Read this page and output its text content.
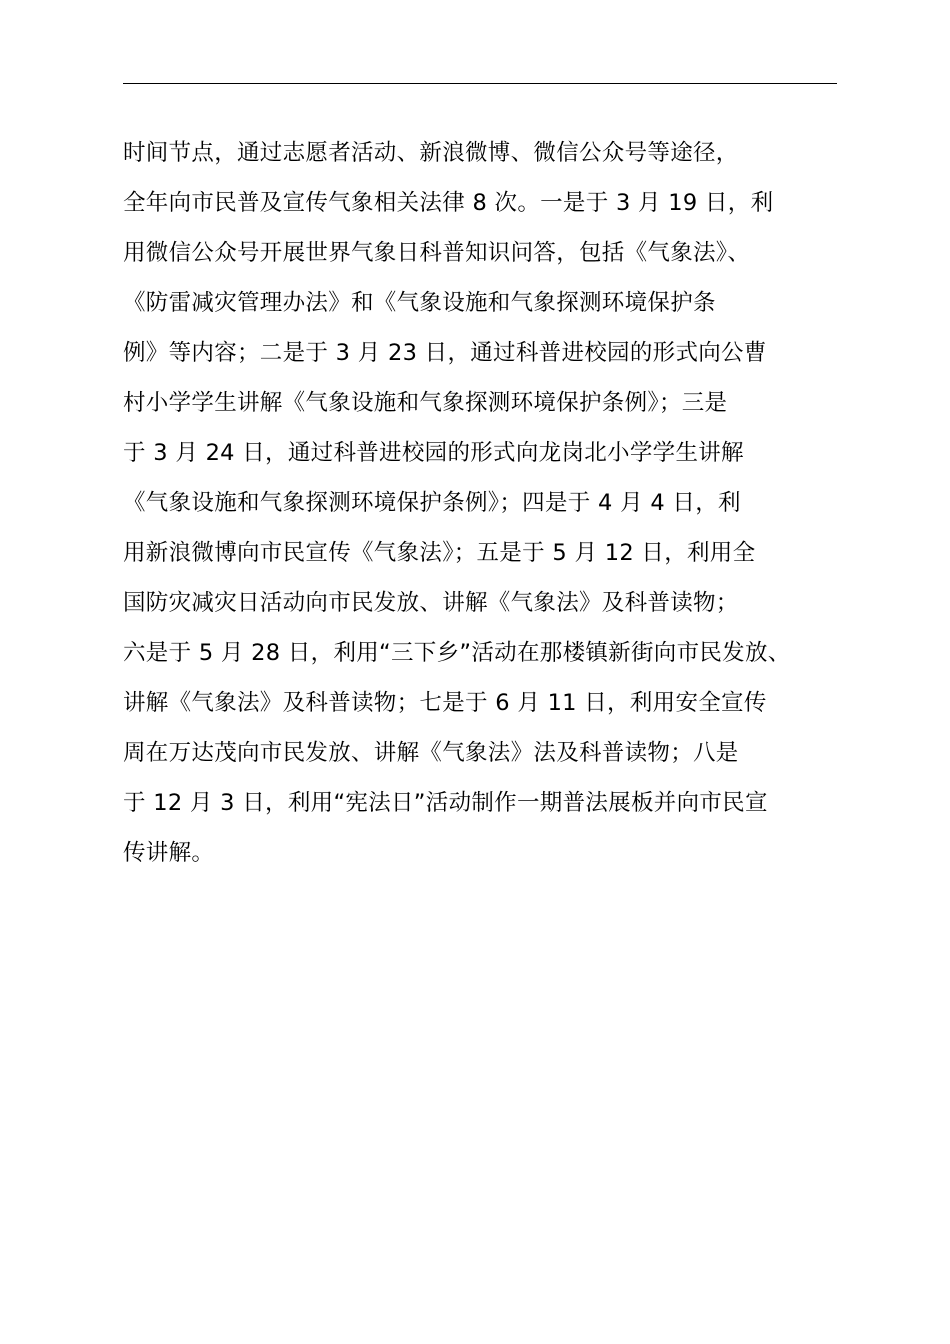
时间节点，通过志愿者活动、新浪微博、微信公众号等途径，
全年向市民普及宣传气象相关法律 8 次。一是于 3 月 19 日，利
用微信公众号开展世界气象日科普知识问答，包括《气象法》、
《防雷减灾管理办法》和《气象设施和气象探测环境保护条
例》等内容；二是于 3 月 23 日，通过科普进校园的形式向公曹
村小学学生讲解《气象设施和气象探测环境保护条例》；三是
于 3 月 24 日，通过科普进校园的形式向龙岗北小学学生讲解
《气象设施和气象探测环境保护条例》；四是于 4 月 4 日，利
用新浪微博向市民宣传《气象法》；五是于 5 月 12 日，利用全
国防灾减灾日活动向市民发放、讲解《气象法》及科普读物；
六是于 5 月 28 日，利用“三下乡”活动在那楼镇新街向市民发放、
讲解《气象法》及科普读物；七是于 6 月 11 日，利用安全宣传
周在万达茂向市民发放、讲解《气象法》法及科普读物；八是
于 12 月 3 日，利用“宪法日”活动制作一期普法展板并向市民宣
传讲解。
